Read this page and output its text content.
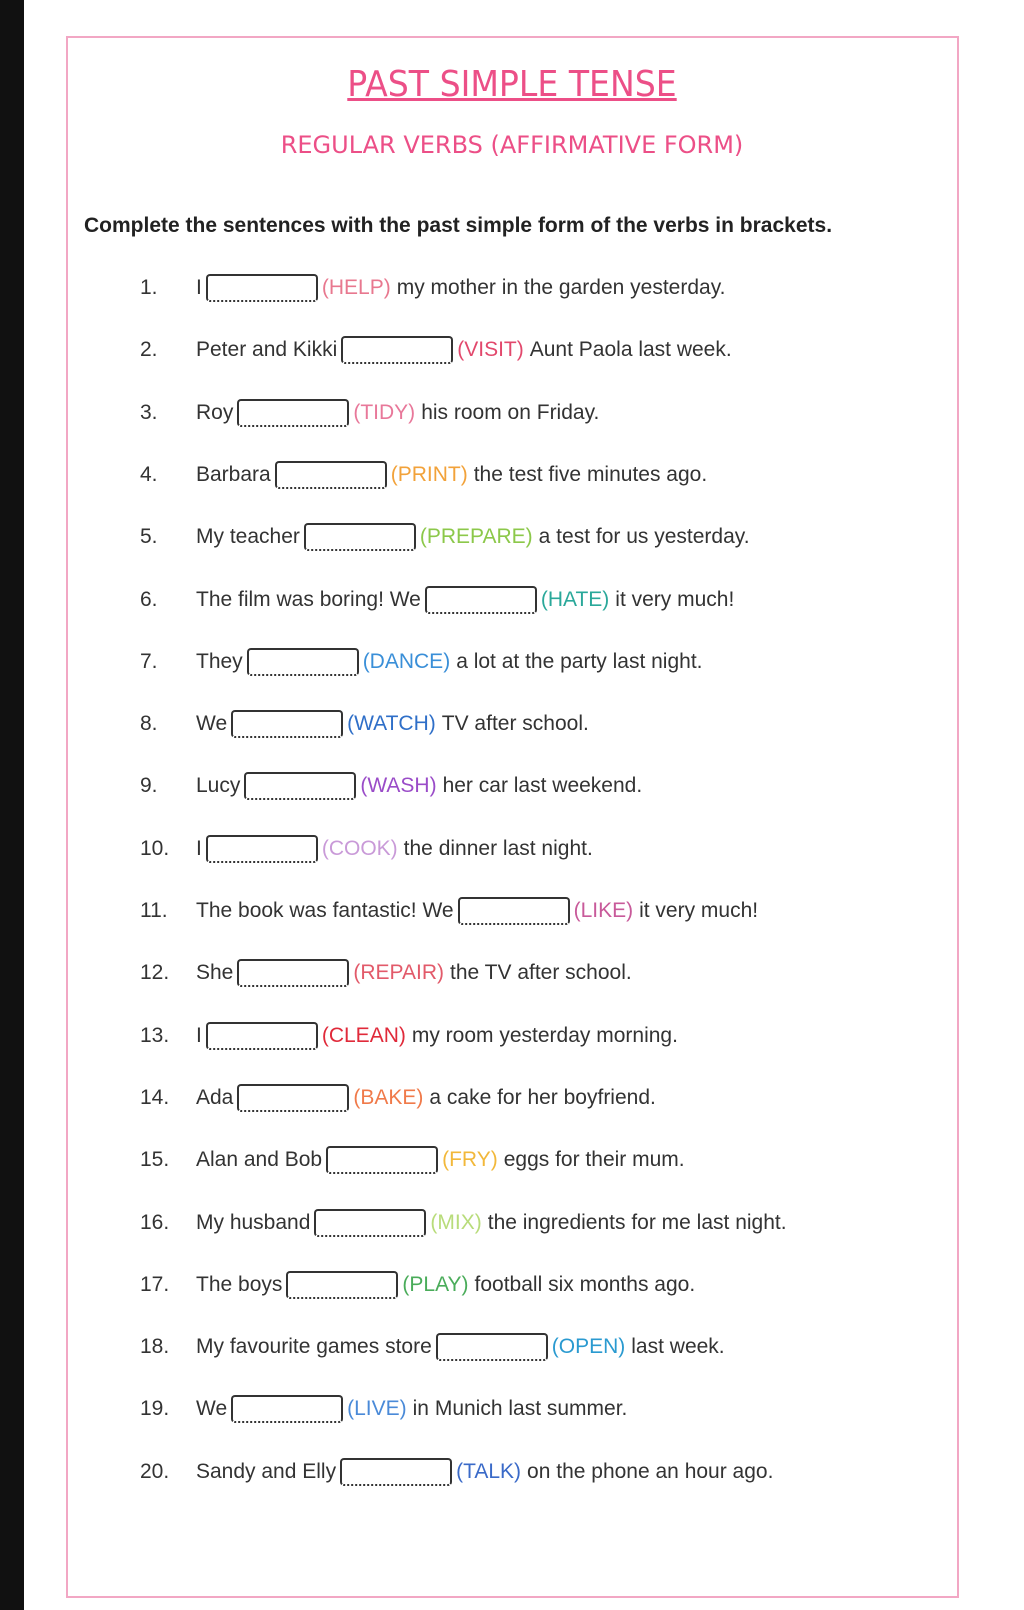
PAST SIMPLE TENSE
REGULAR VERBS (AFFIRMATIVE FORM)
Complete the sentences with the past simple form of the verbs in brackets.
1.	I	(HELP) my mother in the garden yesterday.
2.	Peter and Kikki	(VISIT) Aunt Paola last week.
3.	Roy	(TIDY) his room on Friday.
4.	Barbara	(PRINT) the test five minutes ago.
5.	My teacher	(PREPARE) a test for us yesterday.
6.	The film was boring! We	(HATE) it very much!
7.	They	(DANCE) a lot at the party last night.
8.	We	(WATCH) TV after school.
9.	Lucy	(WASH) her car last weekend.
10.	I	(COOK) the dinner last night.
11.	The book was fantastic! We	(LIKE) it very much!
12.	She	(REPAIR) the TV after school.
13.	I	(CLEAN) my room yesterday morning.
14.	Ada	(BAKE) a cake for her boyfriend.
15.	Alan and Bob	(FRY) eggs for their mum.
16.	My husband	(MIX) the ingredients for me last night.
17.	The boys	(PLAY) football six months ago.
18.	My favourite games store	(OPEN) last week.
19.	We	(LIVE) in Munich last summer.
20.	Sandy and Elly	(TALK) on the phone an hour ago.
